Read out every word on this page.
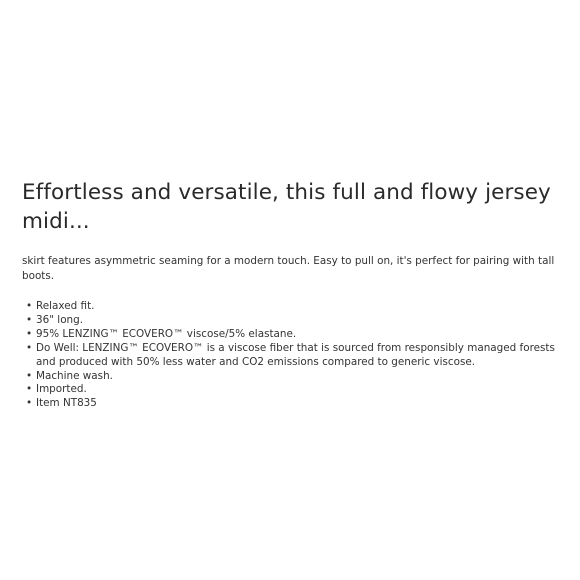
Effortless and versatile, this full and flowy jersey midi...

skirt features asymmetric seaming for a modern touch. Easy to pull on, it's perfect for pairing with tall boots.

• Relaxed fit.
• 36" long.
• 95% LENZING™ ECOVERO™ viscose/5% elastane.
• Do Well: LENZING™ ECOVERO™ is a viscose fiber that is sourced from responsibly managed forests and produced with 50% less water and CO2 emissions compared to generic viscose.
• Machine wash.
• Imported.
• Item NT835
